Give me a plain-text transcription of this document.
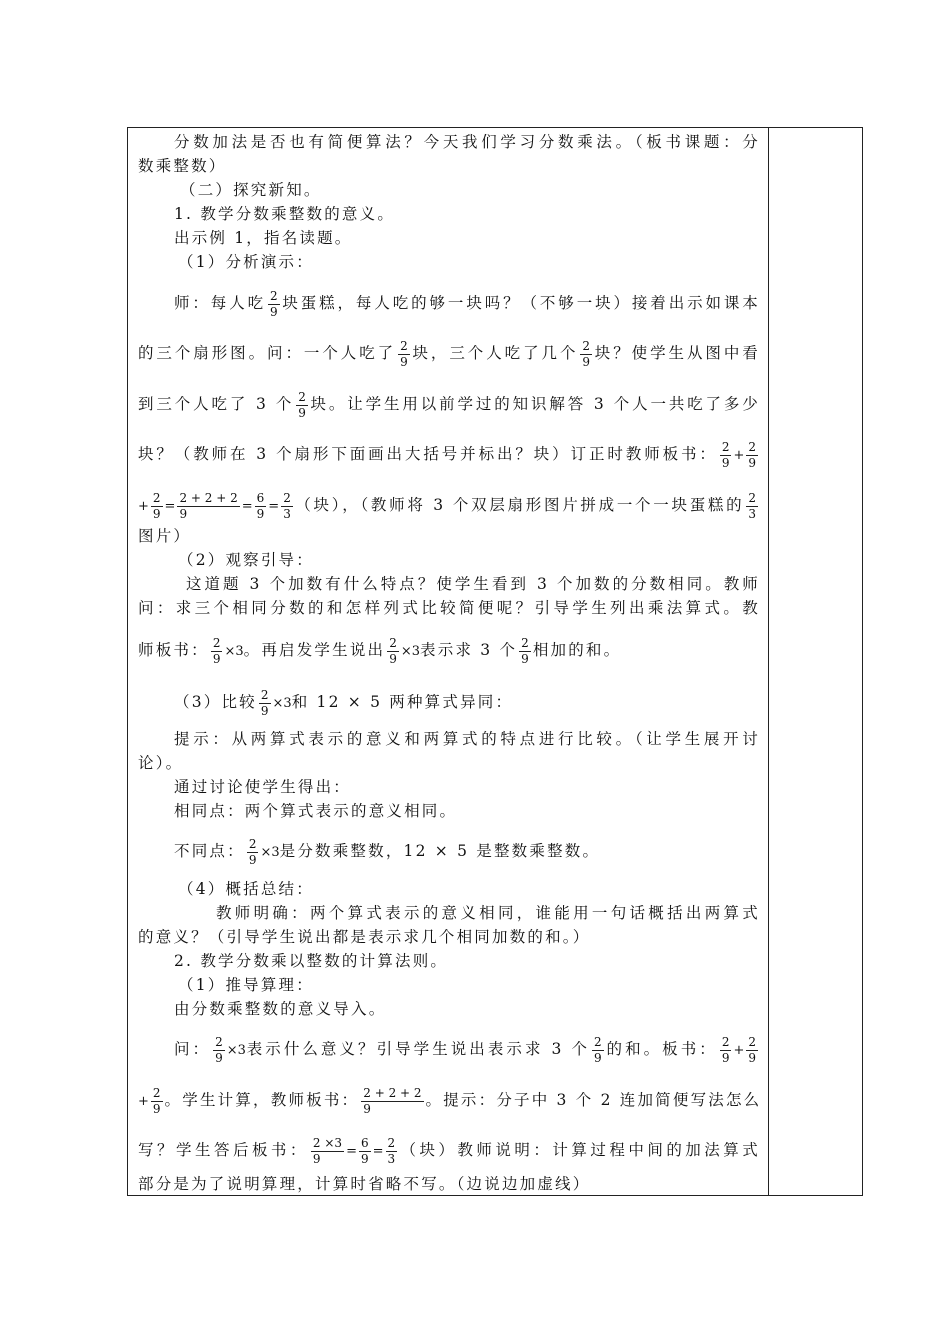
分数加法是否也有简便算法？今天我们学习分数乘法。（板书课题：分
数乘整数）
（二）探究新知。
1. 教学分数乘整数的意义。
出示例 1，指名读题。
（1）分析演示：
师：每人吃 $\frac{2}{9}$ 块蛋糕，每人吃的够一块吗？（不够一块）接着出示如课本
的三个扇形图。问：一个人吃了 $\frac{2}{9}$ 块，三个人吃了几个 $\frac{2}{9}$ 块？使学生从图中看
到三个人吃了 3 个 $\frac{2}{9}$ 块。让学生用以前学过的知识解答 3 个人一共吃了多少
块？（教师在 3 个扇形下面画出大括号并标出？块）订正时教师板书： $\frac{2}{9} + \frac{2}{9}$
+ $\frac{2}{9} = \frac{2 + 2 + 2}{9} = \frac{6}{9} = \frac{2}{3}$ （块），（教师将 3 个双层扇形图片拼成一个一块蛋糕的 $\frac{2}{3}$
图片）
（2）观察引导：
这道题 3 个加数有什么特点？使学生看到 3 个加数的分数相同。教师
问：求三个相同分数的和怎样列式比较简便呢？引导学生列出乘法算式。教
师板书： $\frac{2}{9} \times 3$。再启发学生说出 $\frac{2}{9} \times 3$表示求 3 个 $\frac{2}{9}$ 相加的和。
（3）比较 $\frac{2}{9} \times 3$和 12 × 5 两种算式异同：
提示：从两算式表示的意义和两算式的特点进行比较。（让学生展开讨
论）。
通过讨论使学生得出：
相同点：两个算式表示的意义相同。
不同点： $\frac{2}{9} \times 3$是分数乘整数，12 × 5 是整数乘整数。
（4）概括总结：
教师明确：两个算式表示的意义相同，谁能用一句话概括出两算式
的意义？（引导学生说出都是表示求几个相同加数的和。）
2. 教学分数乘以整数的计算法则。
（1）推导算理：
由分数乘整数的意义导入。
问： $\frac{2}{9} \times 3$表示什么意义？引导学生说出表示求 3 个 $\frac{2}{9}$ 的和。板书： $\frac{2}{9} + \frac{2}{9}$
+ $\frac{2}{9}$ 。学生计算，教师板书： $\frac{2 + 2 + 2}{9}$ 。提示：分子中 3 个 2 连加简便写法怎么
写？学生答后板书： $\frac{2 \times 3}{9} = \frac{6}{9} = \frac{2}{3}$ （块）教师说明：计算过程中间的加法算式
部分是为了说明算理，计算时省略不写。（边说边加虚线）
